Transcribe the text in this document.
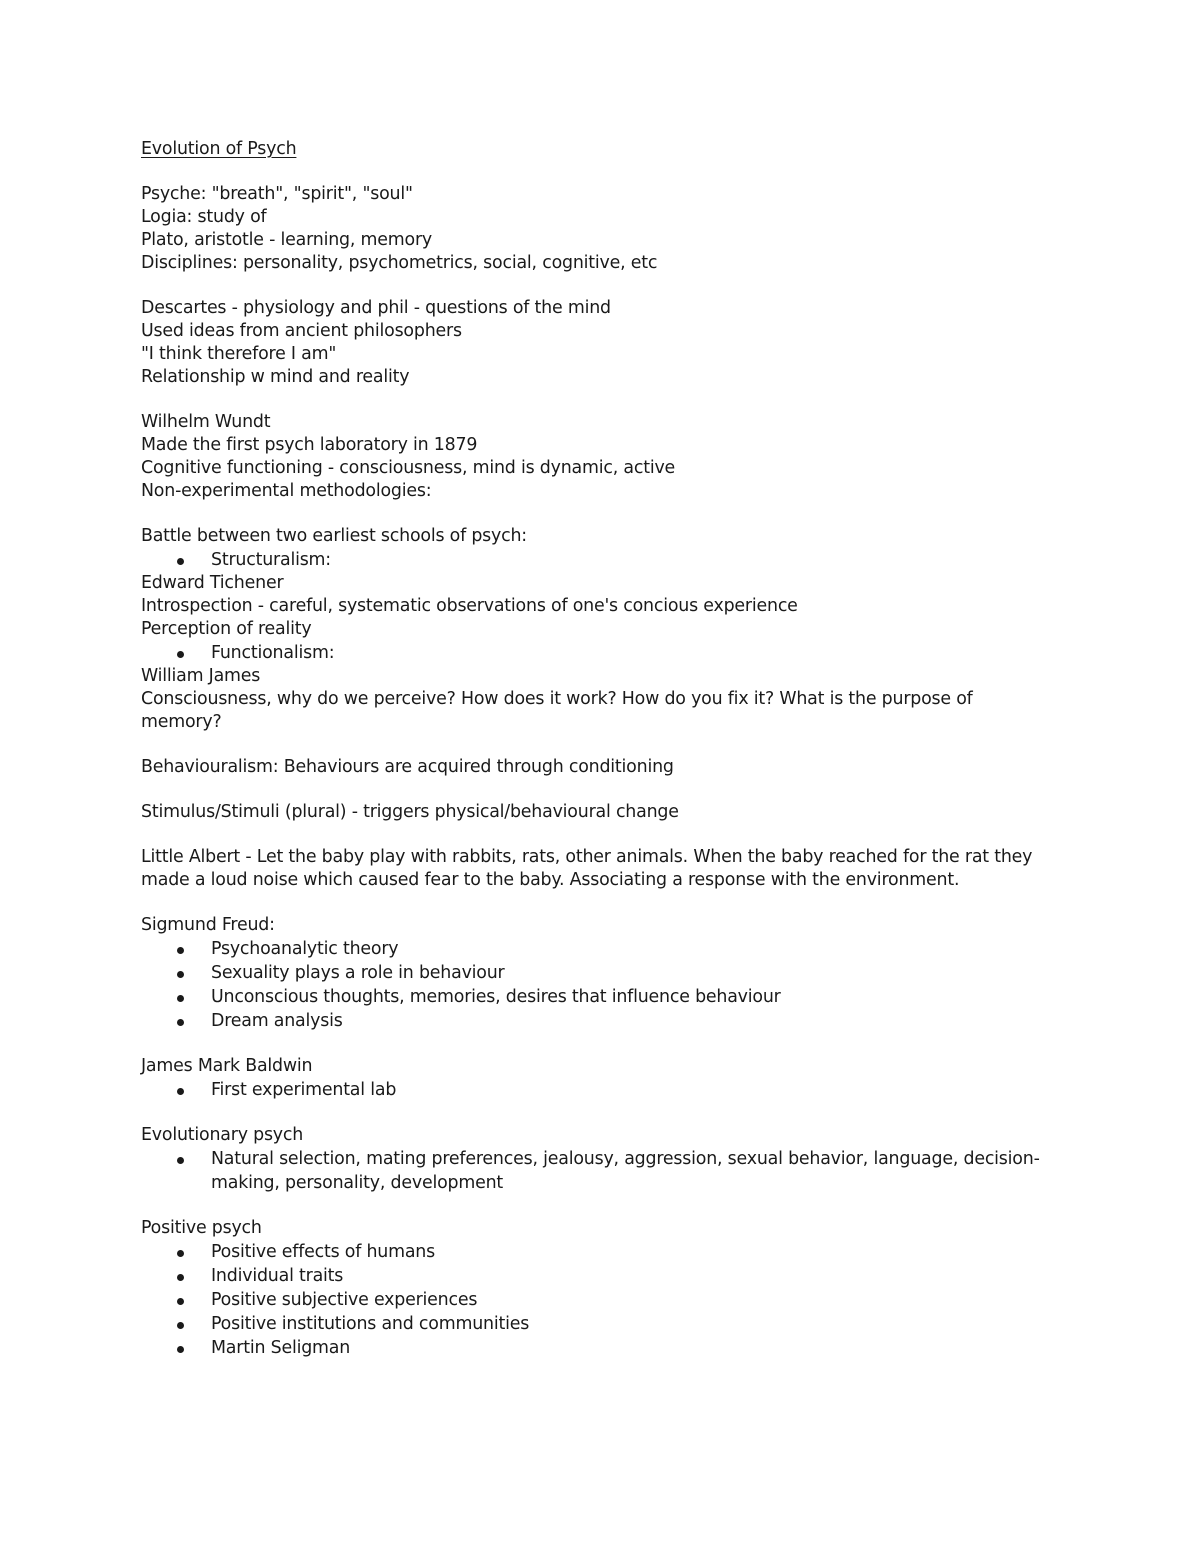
Evolution of Psych

Psyche: "breath", "spirit", "soul"

Logia: study of

Plato, aristotle - learning, memory

Disciplines: personality, psychometrics, social, cognitive, etc

Descartes - physiology and phil - questions of the mind

Used ideas from ancient philosophers

"I think therefore I am"

Relationship w mind and reality

Wilhelm Wundt

Made the first psych laboratory in 1879

Cognitive functioning - consciousness, mind is dynamic, active

Non-experimental methodologies:

Battle between two earliest schools of psych:

Structuralism:

Edward Tichener

Introspection - careful, systematic observations of one's concious experience

Perception of reality

Functionalism:

William James

Consciousness, why do we perceive? How does it work? How do you fix it? What is the purpose of memory?

Behaviouralism: Behaviours are acquired through conditioning

Stimulus/Stimuli (plural) - triggers physical/behavioural change

Little Albert - Let the baby play with rabbits, rats, other animals. When the baby reached for the rat they made a loud noise which caused fear to the baby. Associating a response with the environment.

Sigmund Freud:

Psychoanalytic theory
Sexuality plays a role in behaviour
Unconscious thoughts, memories, desires that influence behaviour
Dream analysis

James Mark Baldwin

First experimental lab

Evolutionary psych

Natural selection, mating preferences, jealousy, aggression, sexual behavior, language, decision-making, personality, development

Positive psych

Positive effects of humans
Individual traits
Positive subjective experiences
Positive institutions and communities
Martin Seligman
